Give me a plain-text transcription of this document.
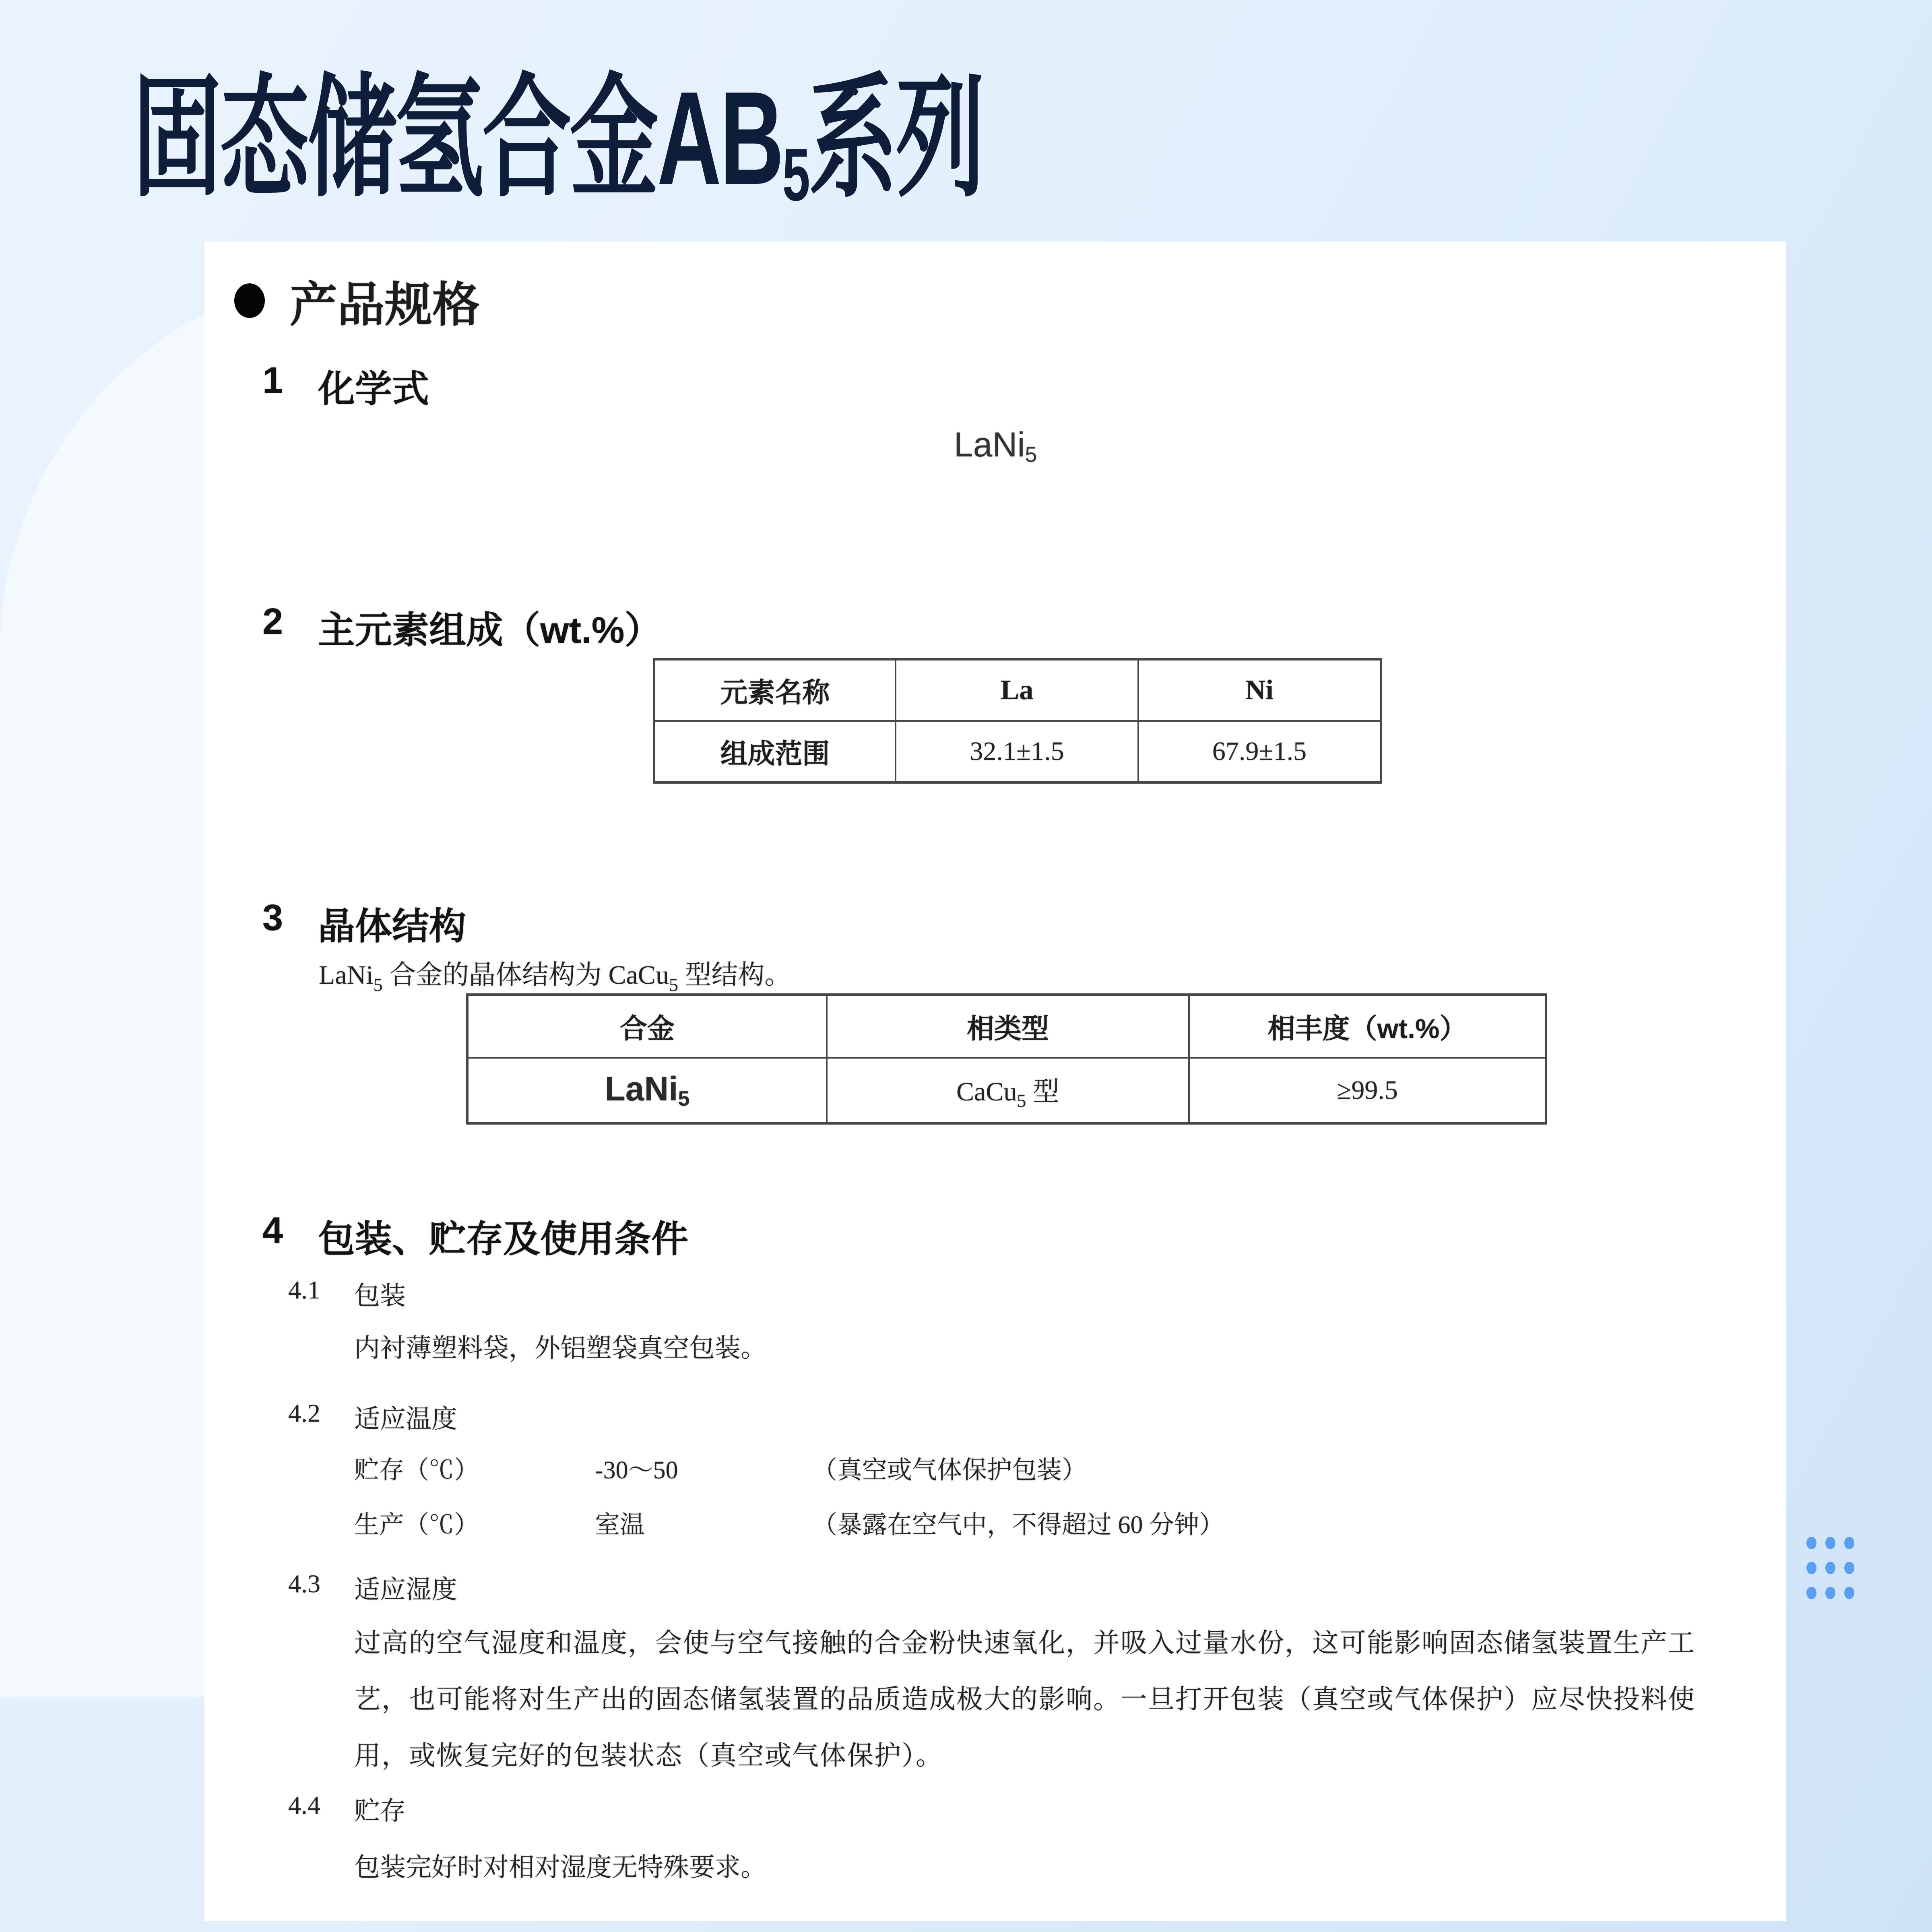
固态储氢合金AB5系列
产品规格
1 化学式
LaNi5
2 主元素组成（wt.%）
元素名称	La	Ni
组成范围	32.1±1.5	67.9±1.5
3 晶体结构
LaNi$_5$ 合金的晶体结构为 CaCu$_5$ 型结构。
合金	相类型	相丰度（wt.%）
LaNi5	CaCu$_5$ 型	≥99.5
4 包装、贮存及使用条件
4.1	包装
内衬薄塑料袋，外铝塑袋真空包装。
4.2	适应温度
贮存（℃）	-30～50	（真空或气体保护包装）
生产（℃）	室温	（暴露在空气中，不得超过 60 分钟）
4.3	适应湿度
过高的空气湿度和温度，会使与空气接触的合金粉快速氧化，并吸入过量水份，这可能影响固态储氢装置生产工
艺，也可能将对生产出的固态储氢装置的品质造成极大的影响。一旦打开包装（真空或气体保护）应尽快投料使
用，或恢复完好的包装状态（真空或气体保护）。
4.4	贮存
包装完好时对相对湿度无特殊要求。
